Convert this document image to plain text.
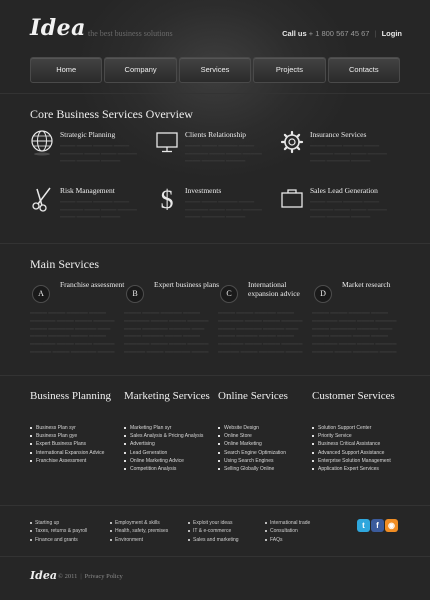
Idea the best business solutions	Call us + 1 800 567 45 67 | Login
Home	Company	Services	Projects	Contacts
Core Business Services Overview
Strategic Planning
▁▁▁▁ ▁▁▁▁ ▁▁▁▁▁ ▁▁▁▁ ▁▁▁▁▁▁ ▁▁▁▁ ▁▁▁▁ ▁▁▁▁▁ ▁▁▁▁ ▁▁▁▁▁▁ ▁▁▁▁▁
Clients Relationship
▁▁▁▁ ▁▁▁▁ ▁▁▁▁▁ ▁▁▁▁ ▁▁▁▁▁▁ ▁▁▁▁ ▁▁▁▁ ▁▁▁▁▁ ▁▁▁▁ ▁▁▁▁▁▁ ▁▁▁▁▁
Insurance Services
▁▁▁▁ ▁▁▁▁ ▁▁▁▁▁ ▁▁▁▁ ▁▁▁▁▁▁ ▁▁▁▁ ▁▁▁▁ ▁▁▁▁▁ ▁▁▁▁ ▁▁▁▁▁▁ ▁▁▁▁▁
Risk Management
▁▁▁▁ ▁▁▁▁ ▁▁▁▁▁ ▁▁▁▁ ▁▁▁▁▁▁ ▁▁▁▁ ▁▁▁▁ ▁▁▁▁▁ ▁▁▁▁ ▁▁▁▁▁▁ ▁▁▁▁▁
$ Investments
▁▁▁▁ ▁▁▁▁ ▁▁▁▁▁ ▁▁▁▁ ▁▁▁▁▁▁ ▁▁▁▁ ▁▁▁▁ ▁▁▁▁▁ ▁▁▁▁ ▁▁▁▁▁▁ ▁▁▁▁▁
Sales Lead Generation
▁▁▁▁ ▁▁▁▁ ▁▁▁▁▁ ▁▁▁▁ ▁▁▁▁▁▁ ▁▁▁▁ ▁▁▁▁ ▁▁▁▁▁ ▁▁▁▁ ▁▁▁▁▁▁ ▁▁▁▁▁
Main Services
A
Franchise assessment
▁▁▁▁ ▁▁▁▁ ▁▁▁▁▁ ▁▁▁▁ ▁▁▁▁▁▁ ▁▁▁▁ ▁▁▁▁ ▁▁▁▁▁ ▁▁▁▁ ▁▁▁▁▁▁ ▁▁▁▁▁ ▁▁▁ ▁▁▁▁ ▁▁▁▁▁ ▁▁▁▁ ▁▁▁▁ ▁▁▁▁▁▁ ▁▁▁▁ ▁▁▁▁ ▁▁▁▁▁ ▁▁▁▁▁ ▁▁▁▁ ▁▁▁▁▁▁ ▁▁▁▁
B
Expert business plans
▁▁▁▁ ▁▁▁▁ ▁▁▁▁▁ ▁▁▁▁ ▁▁▁▁▁▁ ▁▁▁▁ ▁▁▁▁ ▁▁▁▁▁ ▁▁▁▁ ▁▁▁▁▁▁ ▁▁▁▁▁ ▁▁▁ ▁▁▁▁ ▁▁▁▁▁ ▁▁▁▁ ▁▁▁▁ ▁▁▁▁▁▁ ▁▁▁▁ ▁▁▁▁ ▁▁▁▁▁ ▁▁▁▁▁ ▁▁▁▁ ▁▁▁▁▁▁ ▁▁▁▁
C
International expansion advice
▁▁▁▁ ▁▁▁▁ ▁▁▁▁▁ ▁▁▁▁ ▁▁▁▁▁▁ ▁▁▁▁ ▁▁▁▁ ▁▁▁▁▁ ▁▁▁▁ ▁▁▁▁▁▁ ▁▁▁▁▁ ▁▁▁ ▁▁▁▁ ▁▁▁▁▁ ▁▁▁▁ ▁▁▁▁ ▁▁▁▁▁▁ ▁▁▁▁ ▁▁▁▁ ▁▁▁▁▁ ▁▁▁▁▁ ▁▁▁▁ ▁▁▁▁▁▁ ▁▁▁▁
D
Market research
▁▁▁▁ ▁▁▁▁ ▁▁▁▁▁ ▁▁▁▁ ▁▁▁▁▁▁ ▁▁▁▁ ▁▁▁▁ ▁▁▁▁▁ ▁▁▁▁ ▁▁▁▁▁▁ ▁▁▁▁▁ ▁▁▁ ▁▁▁▁ ▁▁▁▁▁ ▁▁▁▁ ▁▁▁▁ ▁▁▁▁▁▁ ▁▁▁▁ ▁▁▁▁ ▁▁▁▁▁ ▁▁▁▁▁ ▁▁▁▁ ▁▁▁▁▁▁ ▁▁▁▁
Business Planning
Business Plan syr
Business Plan gye
Expert Business Plans
International Expansion Advice
Franchise Assessment
Marketing Services
Marketing Plan syr
Sales Analysis & Pricing Analysis
Advertising
Lead Generation
Online Marketing Advice
Competition Analysis
Online Services
Website Design
Online Store
Online Marketing
Search Engine Optimization
Using Search Engines
Selling Globally Online
Customer Services
Solution Support Center
Priority Service
Business Critical Assistance
Advanced Support Assistance
Enterprise Solution Management
Application Expert Services
Starting up
Taxes, returns & payroll
Finance and grants
Employment & skills
Health, safety, premises
Environment
Exploit your ideas
IT & e-commerce
Sales and marketing
International trade
Consultation
FAQs
t	f	◉
Idea © 2011 | Privacy Policy
